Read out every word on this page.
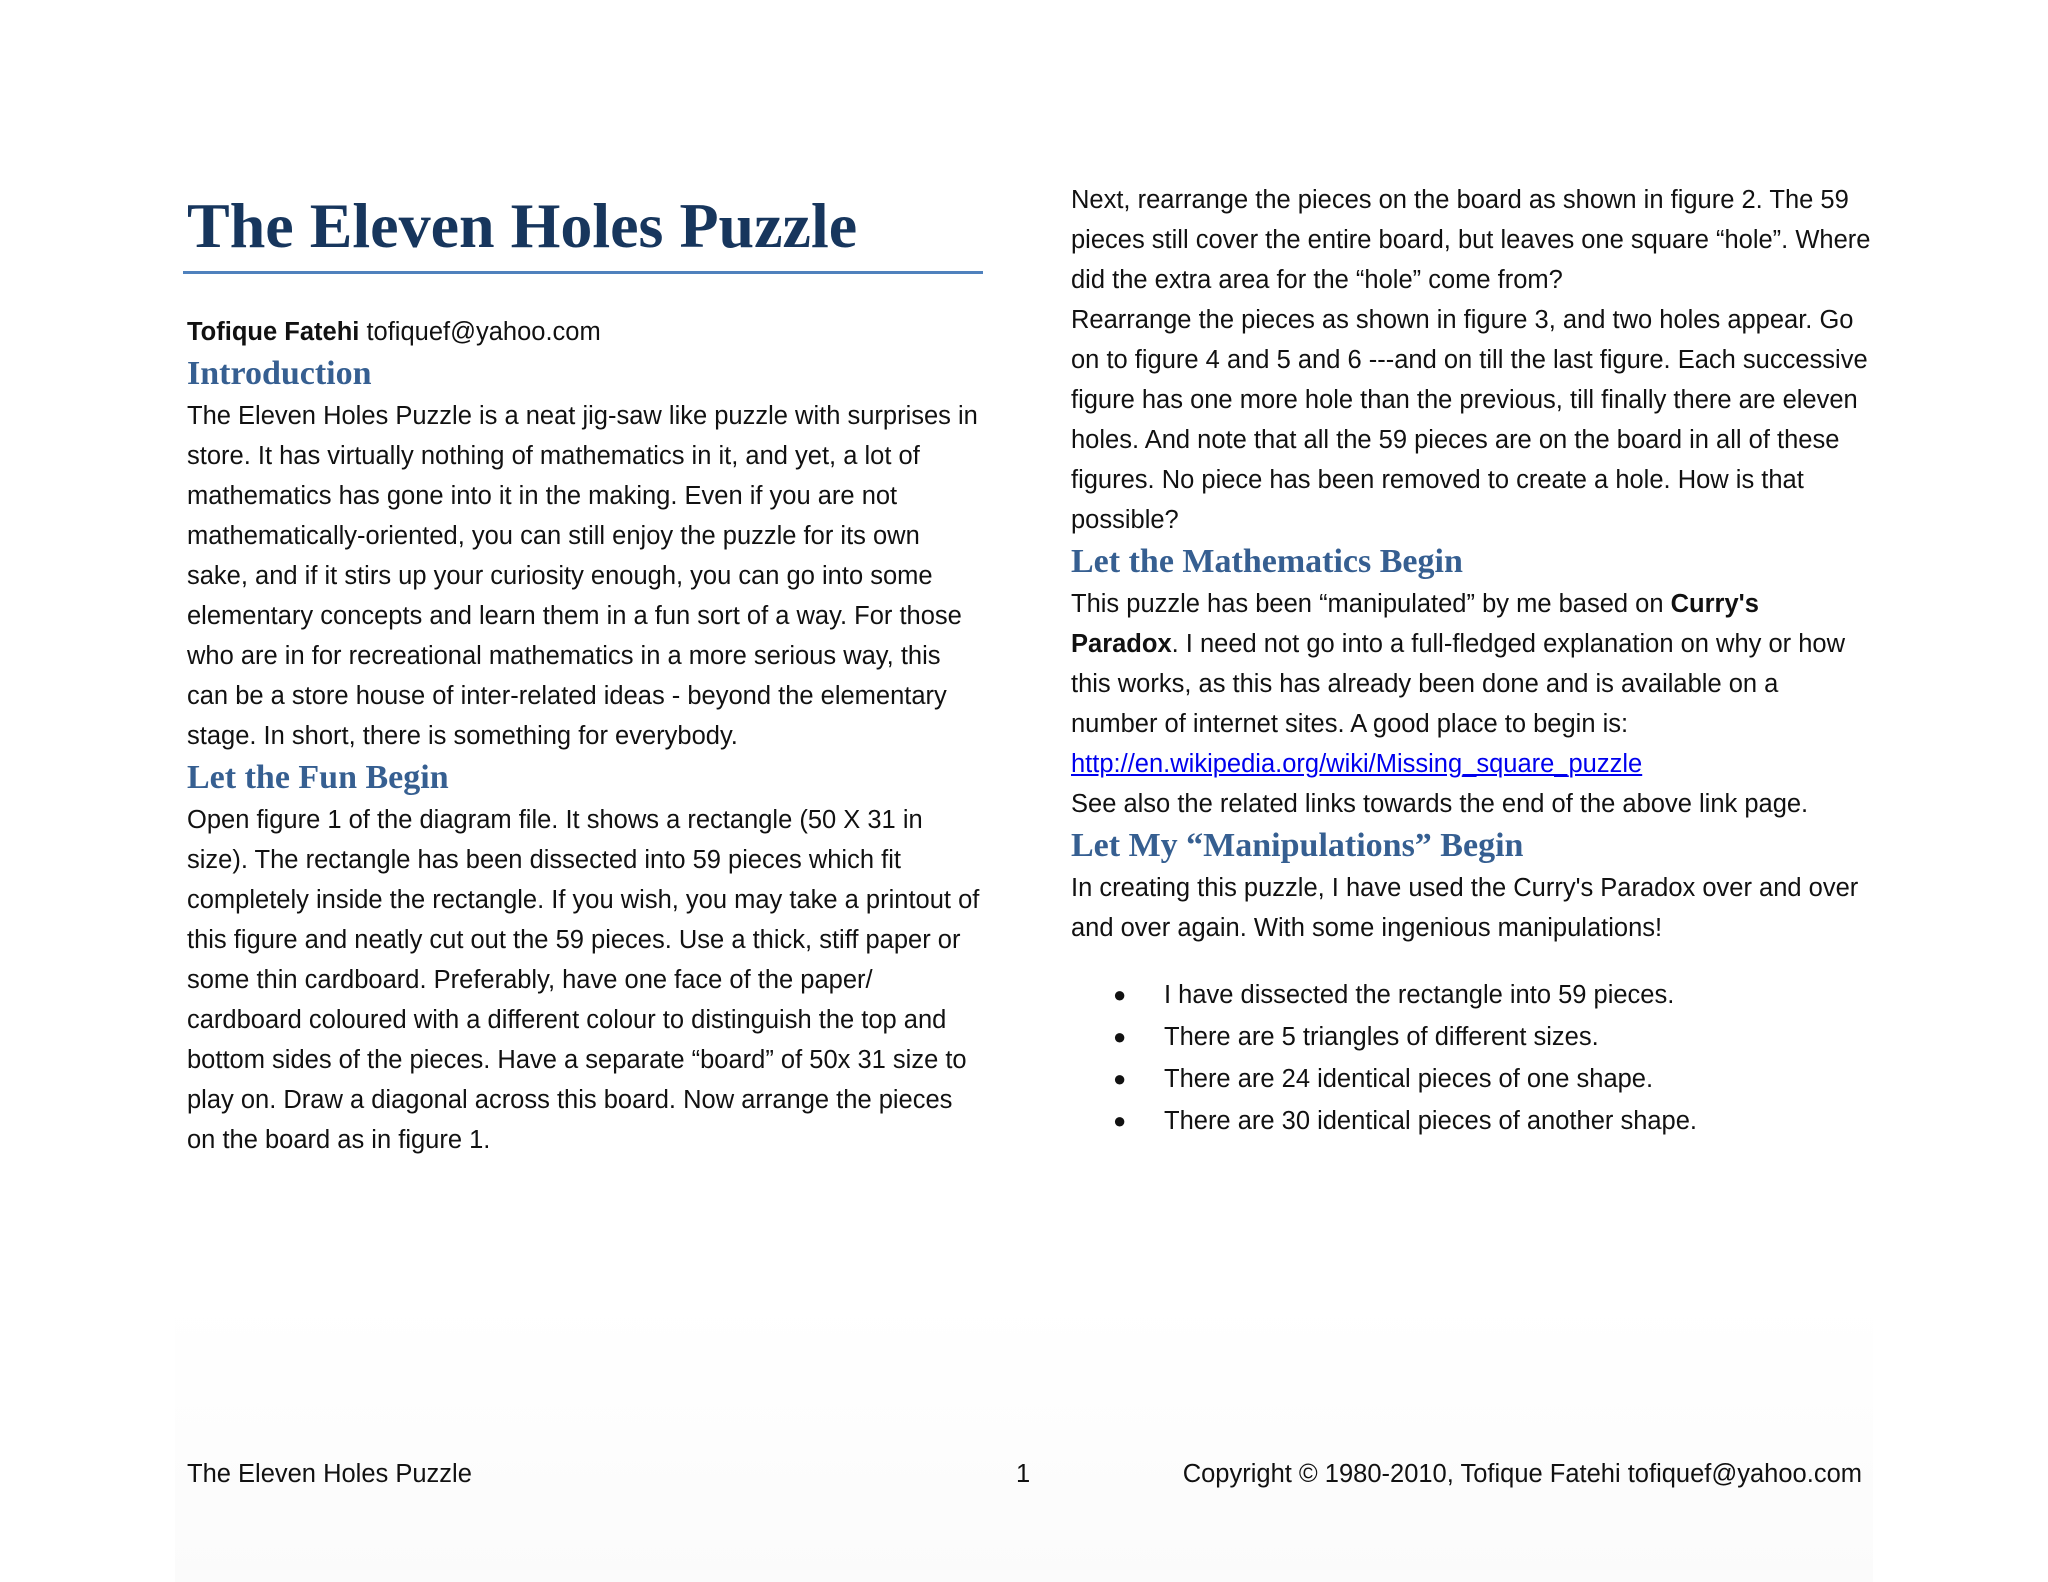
The Eleven Holes Puzzle
Tofique Fatehi tofiquef@yahoo.com
Introduction

The Eleven Holes Puzzle is a neat jig-saw like puzzle with surprises in store. It has virtually nothing of mathematics in it, and yet, a lot of mathematics has gone into it in the making. Even if you are not mathematically-oriented, you can still enjoy the puzzle for its own sake, and if it stirs up your curiosity enough, you can go into some elementary concepts and learn them in a fun sort of a way. For those who are in for recreational mathematics in a more serious way, this can be a store house of inter-related ideas - beyond the elementary stage. In short, there is something for everybody.

Let the Fun Begin

Open figure 1 of the diagram file. It shows a rectangle (50 X 31 in size). The rectangle has been dissected into 59 pieces which fit completely inside the rectangle. If you wish, you may take a printout of this figure and neatly cut out the 59 pieces. Use a thick, stiff paper or some thin cardboard. Preferably, have one face of the paper/ cardboard coloured with a different colour to distinguish the top and bottom sides of the pieces. Have a separate “board” of 50x 31 size to play on. Draw a diagonal across this board. Now arrange the pieces on the board as in figure 1.

Next, rearrange the pieces on the board as shown in figure 2. The 59 pieces still cover the entire board, but leaves one square “hole”. Where did the extra area for the “hole” come from?

Rearrange the pieces as shown in figure 3, and two holes appear. Go on to figure 4 and 5 and 6 ---and on till the last figure. Each successive figure has one more hole than the previous, till finally there are eleven holes. And note that all the 59 pieces are on the board in all of these figures. No piece has been removed to create a hole. How is that possible?

Let the Mathematics Begin

This puzzle has been “manipulated” by me based on Curry's Paradox. I need not go into a full-fledged explanation on why or how this works, as this has already been done and is available on a number of internet sites. A good place to begin is:
http://en.wikipedia.org/wiki/Missing_square_puzzle
See also the related links towards the end of the above link page.

Let My “Manipulations” Begin

In creating this puzzle, I have used the Curry's Paradox over and over and over again. With some ingenious manipulations!

● I have dissected the rectangle into 59 pieces.
● There are 5 triangles of different sizes.
● There are 24 identical pieces of one shape.
● There are 30 identical pieces of another shape.
The Eleven Holes Puzzle	1	Copyright © 1980-2010, Tofique Fatehi tofiquef@yahoo.com
